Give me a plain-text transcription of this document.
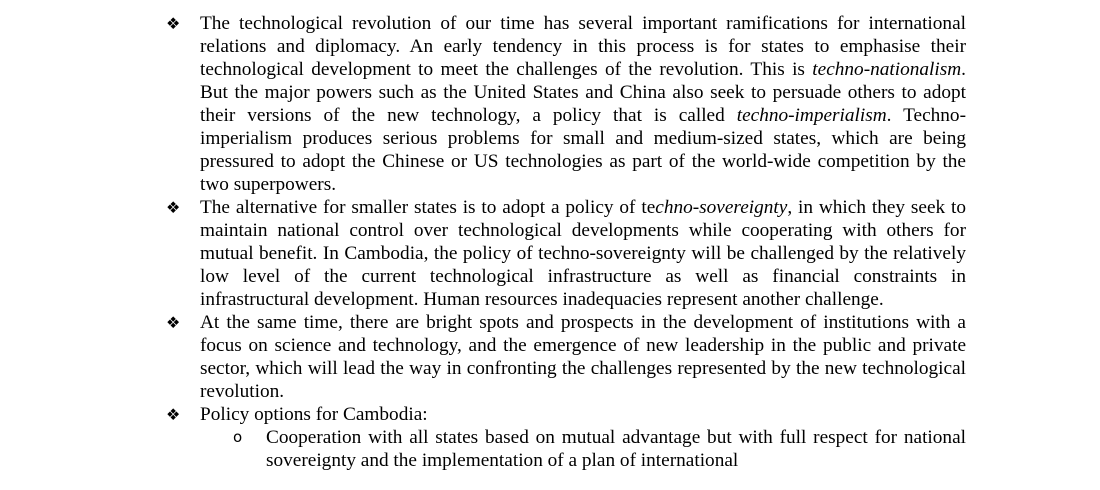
❖ The technological revolution of our time has several important ramifications for international relations and diplomacy. An early tendency in this process is for states to emphasise their technological development to meet the challenges of the revolution. This is techno-nationalism. But the major powers such as the United States and China also seek to persuade others to adopt their versions of the new technology, a policy that is called techno-imperialism. Techno-imperialism produces serious problems for small and medium-sized states, which are being pressured to adopt the Chinese or US technologies as part of the world-wide competition by the two superpowers.
❖ The alternative for smaller states is to adopt a policy of techno-sovereignty, in which they seek to maintain national control over technological developments while cooperating with others for mutual benefit. In Cambodia, the policy of techno-sovereignty will be challenged by the relatively low level of the current technological infrastructure as well as financial constraints in infrastructural development. Human resources inadequacies represent another challenge.
❖ At the same time, there are bright spots and prospects in the development of institutions with a focus on science and technology, and the emergence of new leadership in the public and private sector, which will lead the way in confronting the challenges represented by the new technological revolution.
❖ Policy options for Cambodia:
o	Cooperation with all states based on mutual advantage but with full respect for national sovereignty and the implementation of a plan of international
